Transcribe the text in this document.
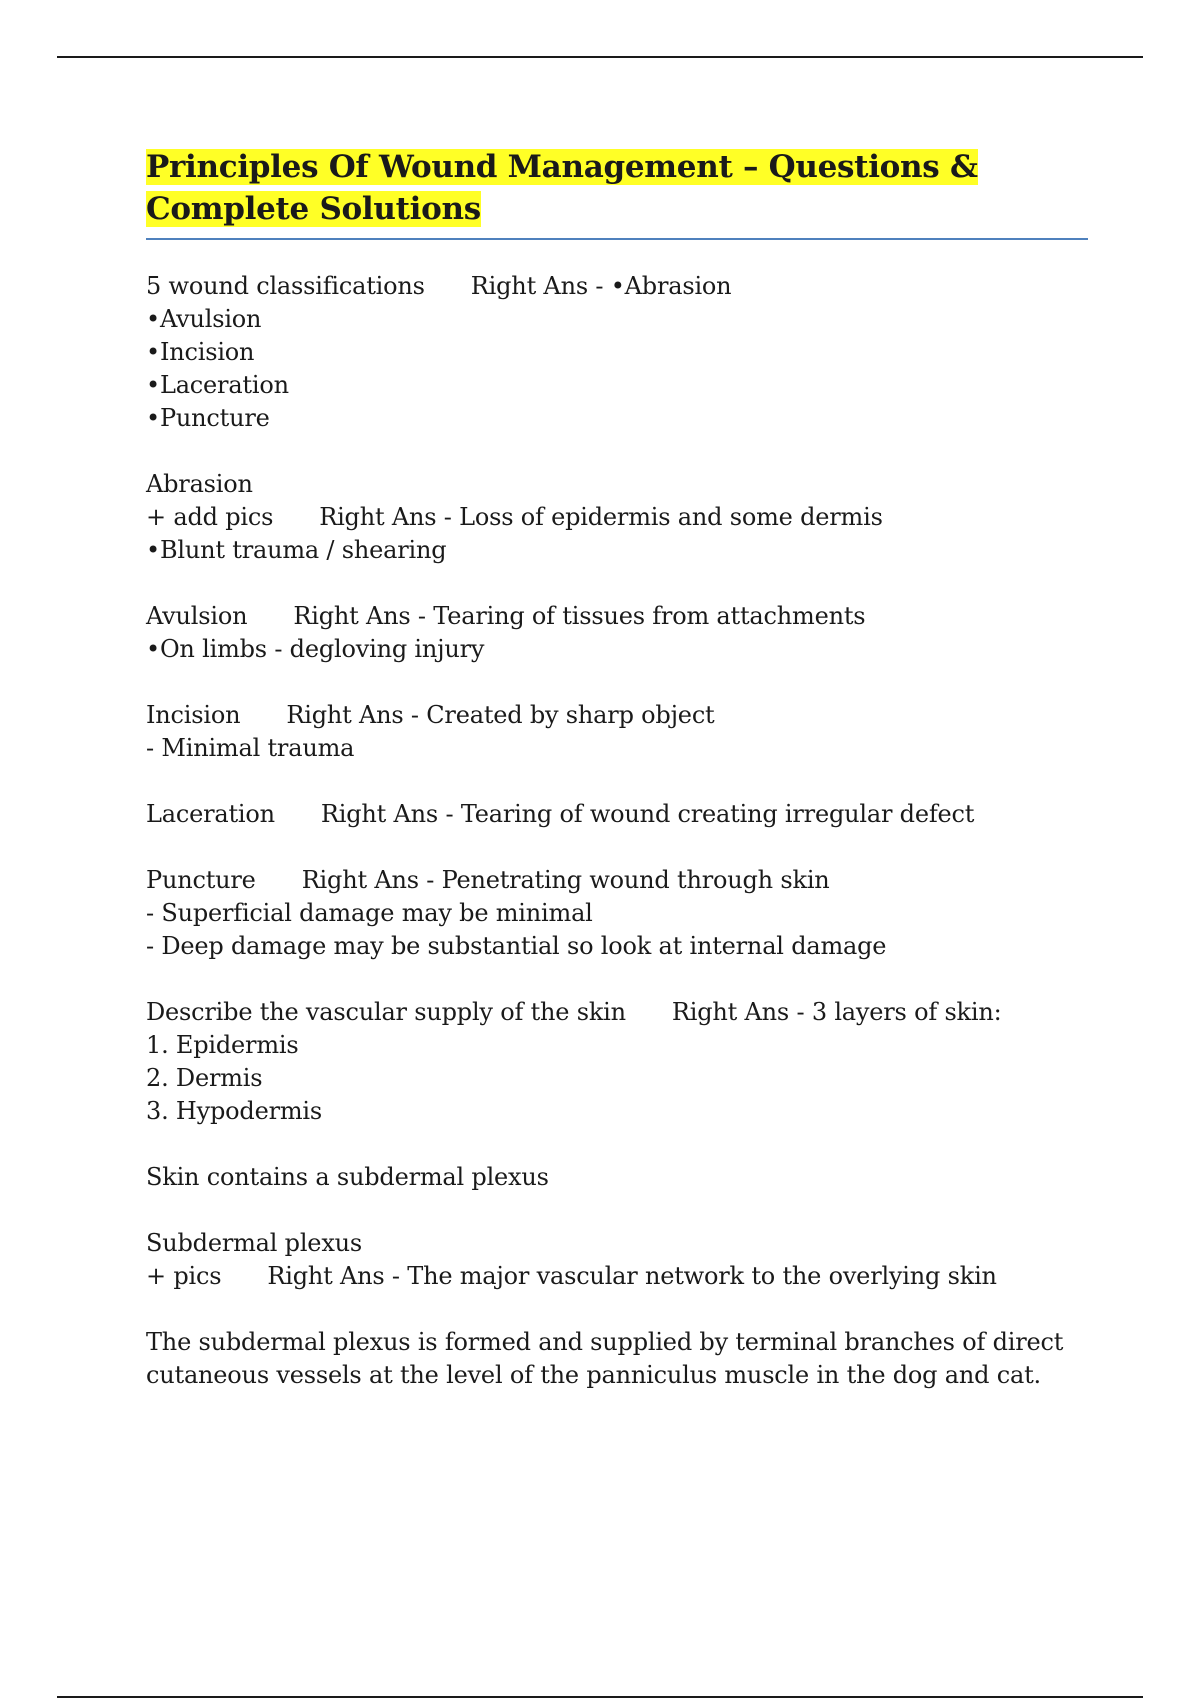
Principles Of Wound Management – Questions &
Complete Solutions
5 wound classifications Right Ans - •Abrasion
•Avulsion
•Incision
•Laceration
•Puncture
Abrasion
+ add pics Right Ans - Loss of epidermis and some dermis
•Blunt trauma / shearing
Avulsion Right Ans - Tearing of tissues from attachments
•On limbs - degloving injury
Incision Right Ans - Created by sharp object
- Minimal trauma
Laceration Right Ans - Tearing of wound creating irregular defect
Puncture Right Ans - Penetrating wound through skin
- Superficial damage may be minimal
- Deep damage may be substantial so look at internal damage
Describe the vascular supply of the skin Right Ans - 3 layers of skin:
1. Epidermis
2. Dermis
3. Hypodermis
Skin contains a subdermal plexus
Subdermal plexus
+ pics Right Ans - The major vascular network to the overlying skin
The subdermal plexus is formed and supplied by terminal branches of direct
cutaneous vessels at the level of the panniculus muscle in the dog and cat.
